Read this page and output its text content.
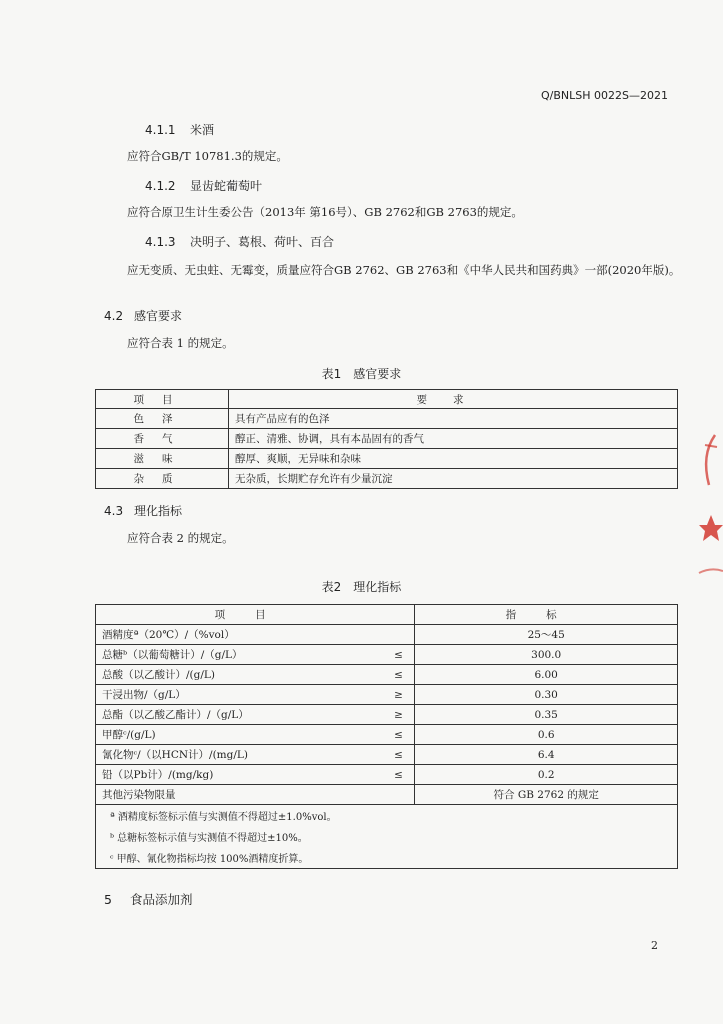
Q/BNLSH 0022S—2021
4.1.1 米酒
应符合GB/T 10781.3的规定。
4.1.2 显齿蛇葡萄叶
应符合原卫生计生委公告（2013年 第16号）、GB 2762和GB 2763的规定。
4.1.3 决明子、葛根、荷叶、百合
应无变质、无虫蛀、无霉变，质量应符合GB 2762、GB 2763和《中华人民共和国药典》一部(2020年版)。
4.2 感官要求
应符合表 1 的规定。
表1　感官要求
项目	要求
色泽	具有产品应有的色泽
香气	醇正、清雅、协调，具有本品固有的香气
滋味	醇厚、爽顺，无异味和杂味
杂质	无杂质，长期贮存允许有少量沉淀
4.3 理化指标
应符合表 2 的规定。
表2　理化指标
项目		指标
酒精度ª（20℃）/（%vol）		25～45
总糖ᵇ（以葡萄糖计）/（g/L）	≤	300.0
总酸（以乙酸计）/(g/L)	≤	6.00
干浸出物/（g/L）	≥	0.30
总酯（以乙酸乙酯计）/（g/L）	≥	0.35
甲醇ᶜ/(g/L)	≤	0.6
氰化物ᶜ/（以HCN计）/(mg/L)	≤	6.4
铅（以Pb计）/(mg/kg)	≤	0.2
其他污染物限量		符合 GB 2762 的规定
ª 酒精度标签标示值与实测值不得超过±1.0%vol。		
ᵇ 总糖标签标示值与实测值不得超过±10%。		
ᶜ 甲醇、氰化物指标均按 100%酒精度折算。		
5 食品添加剂
2
